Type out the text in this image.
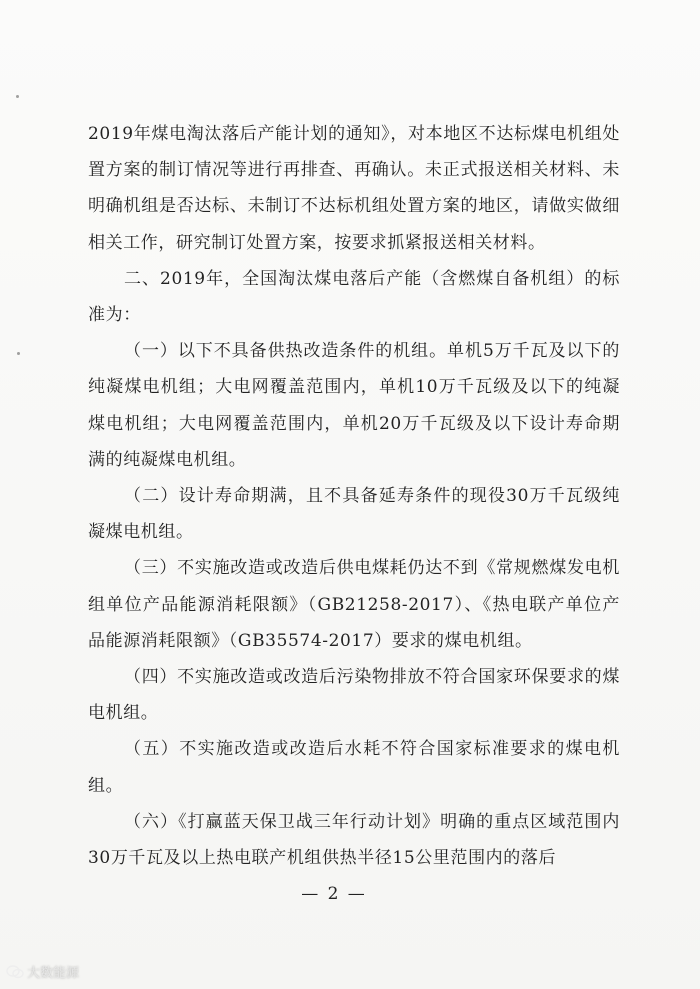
2019年煤电淘汰落后产能计划的通知》，对本地区不达标煤电机组处置方案的制订情况等进行再排查、再确认。未正式报送相关材料、未明确机组是否达标、未制订不达标机组处置方案的地区，请做实做细相关工作，研究制订处置方案，按要求抓紧报送相关材料。

二、2019年，全国淘汰煤电落后产能（含燃煤自备机组）的标准为：

（一）以下不具备供热改造条件的机组。单机5万千瓦及以下的纯凝煤电机组；大电网覆盖范围内，单机10万千瓦级及以下的纯凝煤电机组；大电网覆盖范围内，单机20万千瓦级及以下设计寿命期满的纯凝煤电机组。

（二）设计寿命期满，且不具备延寿条件的现役30万千瓦级纯凝煤电机组。

（三）不实施改造或改造后供电煤耗仍达不到《常规燃煤发电机组单位产品能源消耗限额》（GB21258-2017）、《热电联产单位产品能源消耗限额》（GB35574-2017）要求的煤电机组。

（四）不实施改造或改造后污染物排放不符合国家环保要求的煤电机组。

（五）不实施改造或改造后水耗不符合国家标准要求的煤电机组。

（六）《打赢蓝天保卫战三年行动计划》明确的重点区域范围内30万千瓦及以上热电联产机组供热半径15公里范围内的落后

— 2 —
大数能源
